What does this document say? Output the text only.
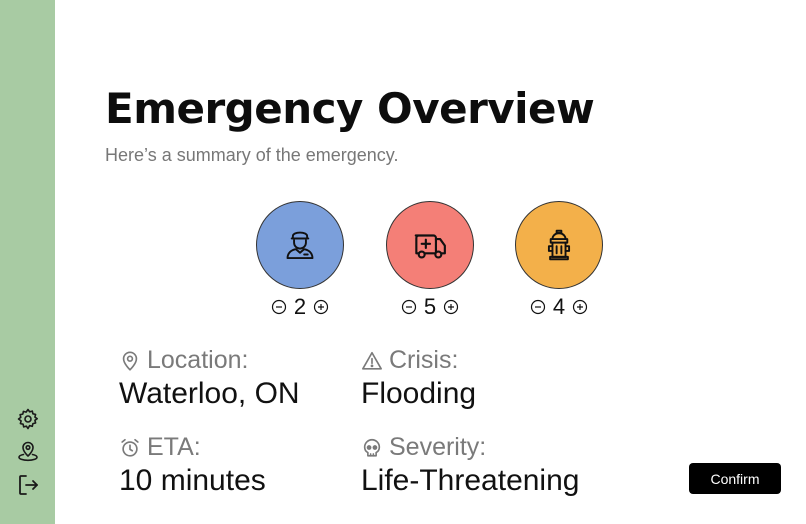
Emergency Overview

Here’s a summary of the emergency.

2	5	4
Location:
Waterloo, ON
Crisis:
Flooding
ETA:
10 minutes
Severity:
Life-Threatening	Confirm
